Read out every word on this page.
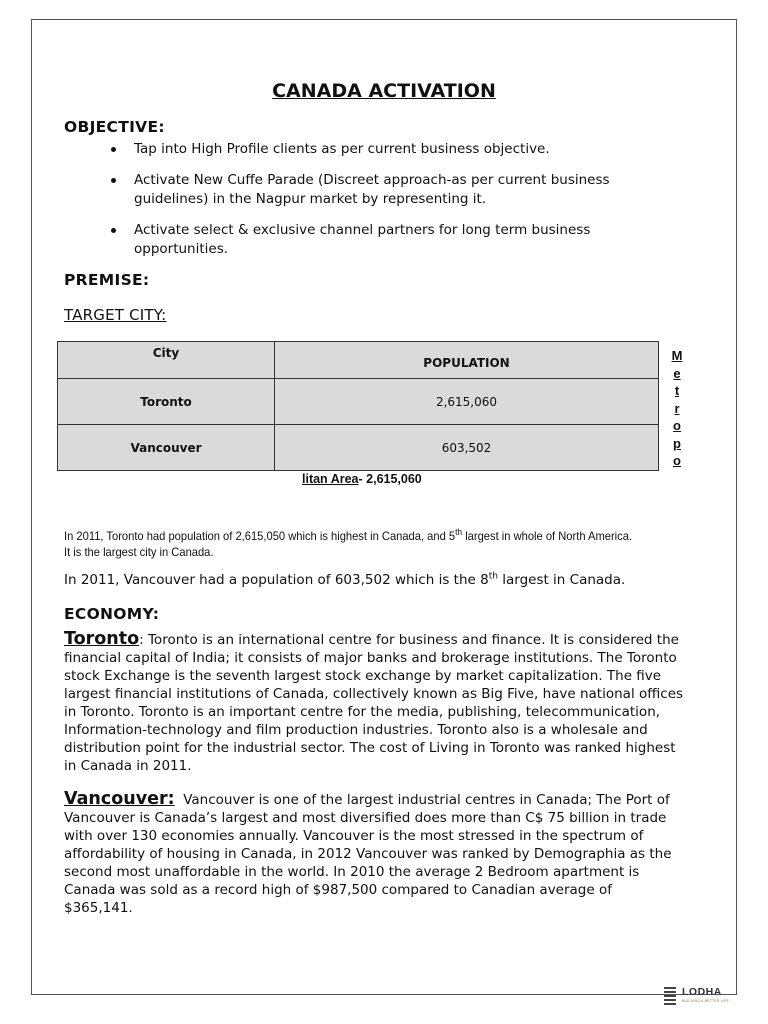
CANADA ACTIVATION
OBJECTIVE:
Tap into High Profile clients as per current business objective.
Activate New Cuffe Parade (Discreet approach-as per current business guidelines) in the Nagpur market by representing it.
Activate select & exclusive channel partners for long term business opportunities.
PREMISE:
TARGET CITY:
City	POPULATION
Toronto	2,615,060
Vancouver	603,502
M
e
t
r
o
p
o
litan Area- 2,615,060
In 2011, Toronto had population of 2,615,050 which is highest in Canada, and 5th largest in whole of North America. It is the largest city in Canada.
In 2011, Vancouver had a population of 603,502 which is the 8th largest in Canada.
ECONOMY:
Toronto: Toronto is an international centre for business and finance. It is considered the financial capital of India; it consists of major banks and brokerage institutions. The Toronto stock Exchange is the seventh largest stock exchange by market capitalization. The five largest financial institutions of Canada, collectively known as Big Five, have national offices in Toronto. Toronto is an important centre for the media, publishing, telecommunication, Information-technology and film production industries. Toronto also is a wholesale and distribution point for the industrial sector. The cost of Living in Toronto was ranked highest in Canada in 2011.
Vancouver:  Vancouver is one of the largest industrial centres in Canada; The Port of Vancouver is Canada’s largest and most diversified does more than C$ 75 billion in trade with over 130 economies annually. Vancouver is the most stressed in the spectrum of affordability of housing in Canada, in 2012 Vancouver was ranked by Demographia as the second most unaffordable in the world. In 2010 the average 2 Bedroom apartment is Canada was sold as a record high of $987,500 compared to Canadian average of $365,141.
LODHA
BUILDING A BETTER LIFE
